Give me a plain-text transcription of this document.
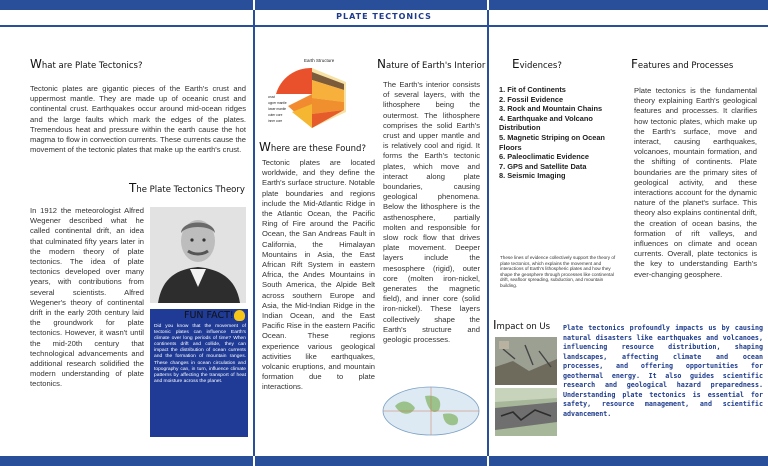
PLATE TECTONICS
What are Plate Tectonics?
Tectonic plates are gigantic pieces of the Earth's crust and uppermost mantle. They are made up of oceanic crust and continental crust. Earthquakes occur around mid-ocean ridges and the large faults which mark the edges of the plates. Tremendous heat and pressure within the earth cause the hot magma to flow in convection currents. These currents cause the movement of the tectonic plates that make up the earth's crust.
The Plate Tectonics Theory
In 1912 the meteorologist Alfred Wegener described what he called continental drift, an idea that culminated fifty years later in the modern theory of plate tectonics. The idea of plate tectonics developed over many years, with contributions from several scientists. Alfred Wegener's theory of continental drift in the early 20th century laid the groundwork for plate tectonics. However, it wasn't until the mid-20th century that technological advancements and additional research solidified the modern understanding of plate tectonics.
FUN FACT!
Did you know that the movement of tectonic plates can influence Earth's climate over long periods of time? When continents drift and collide, they can impact the distribution of ocean currents and the formation of mountain ranges. These changes in ocean circulation and topography can, in turn, influence climate patterns by affecting the transport of heat and moisture across the planet.
Earth Structure
crust
upper mantle
lower mantle
outer core
inner core
Where are these Found?
Tectonic plates are located worldwide, and they define the Earth's surface structure. Notable plate boundaries and regions include the Mid-Atlantic Ridge in the Atlantic Ocean, the Pacific Ring of Fire around the Pacific Ocean, the San Andreas Fault in California, the Himalayan Mountains in Asia, the East African Rift System in eastern Africa, the Andes Mountains in South America, the Alpide Belt across southern Europe and Asia, the Mid-Indian Ridge in the Indian Ocean, and the East Pacific Rise in the eastern Pacific Ocean. These regions experience various geological activities like earthquakes, volcanic eruptions, and mountain formation due to plate interactions.
Nature of Earth's Interior
The Earth's interior consists of several layers, with the lithosphere being the outermost. The lithosphere comprises the solid Earth's crust and upper mantle and is relatively cool and rigid. It forms the Earth's tectonic plates, which move and interact along plate boundaries, causing geological phenomena. Below the lithosphere is the asthenosphere, partially molten and responsible for slow rock flow that drives plate movement. Deeper layers include the mesosphere (rigid), outer core (molten iron-nickel, generates the magnetic field), and inner core (solid iron-nickel). These layers collectively shape the Earth's structure and geologic processes.
Evidences?
1. Fit of Continents
2. Fossil Evidence
3. Rock and Mountain Chains
4. Earthquake and Volcano Distribution
5. Magnetic Striping on Ocean Floors
6. Paleoclimatic Evidence
7. GPS and Satellite Data
8. Seismic Imaging
These lines of evidence collectively support the theory of plate tectonics, which explains the movement and interactions of Earth's lithospheric plates and how they shape the geosphere through processes like continental drift, seafloor spreading, subduction, and mountain building.
Features and Processes
Plate tectonics is the fundamental theory explaining Earth's geological features and processes. It clarifies how tectonic plates, which make up the Earth's surface, move and interact, causing earthquakes, volcanoes, mountain formation, and the shifting of continents. Plate boundaries are the primary sites of geological activity, and these interactions account for the dynamic nature of the planet's surface. This theory also explains continental drift, the creation of ocean basins, the formation of rift valleys, and influences on climate and ocean currents. Overall, plate tectonics is the key to understanding Earth's ever-changing geosphere.
Impact on Us Plate tectonics profoundly impacts us by causing natural disasters like earthquakes and volcanoes, influencing resource distribution, shaping landscapes, affecting climate and ocean processes, and offering opportunities for geothermal energy. It also guides scientific research and geological hazard preparedness. Understanding plate tectonics is essential for safety, resource management, and scientific advancement.
